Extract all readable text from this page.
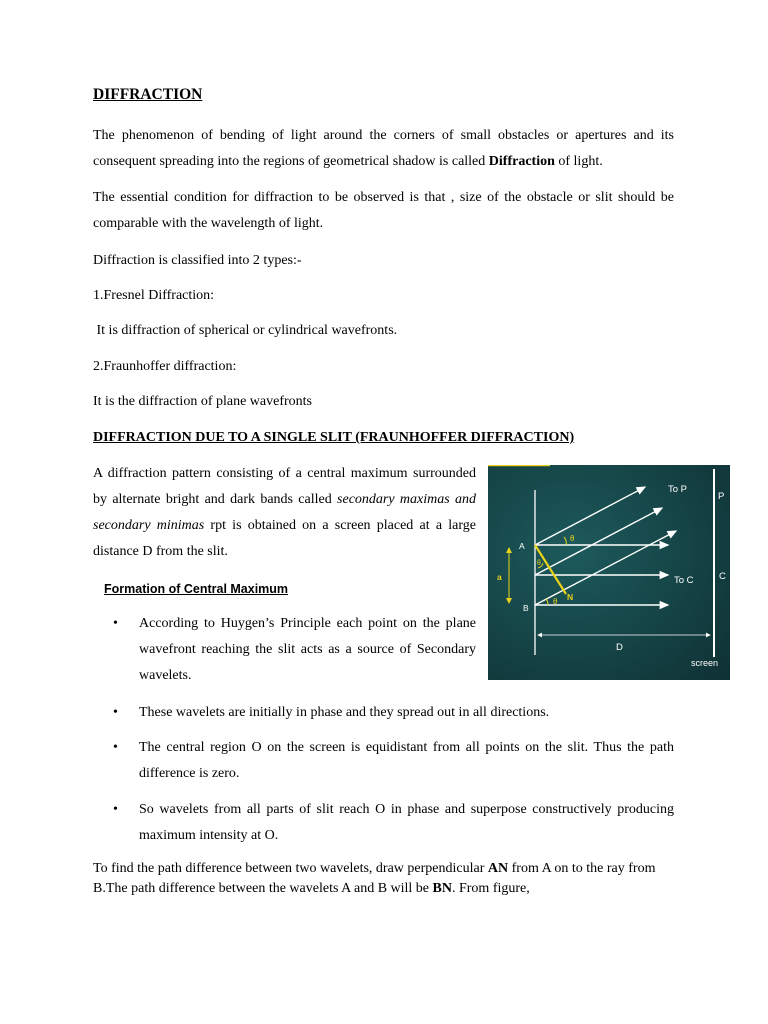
DIFFRACTION
The phenomenon of bending of light around the corners of small obstacles or apertures and its consequent spreading into the regions of geometrical shadow is called Diffraction of light.
The essential condition for diffraction to be observed is that , size of the obstacle or slit should be comparable with the wavelength of light.
Diffraction is classified into 2 types:-
1.Fresnel Diffraction:
It is diffraction of spherical or cylindrical wavefronts.
2.Fraunhoffer diffraction:
It is the diffraction of plane wavefronts
DIFFRACTION DUE TO A SINGLE SLIT (FRAUNHOFFER DIFFRACTION)
A diffraction pattern consisting of a central maximum surrounded by alternate bright and dark bands called secondary maximas and secondary minimas rpt is obtained on a screen placed at a large distance D from the slit.
Formation of Central Maximum
• According to Huygen’s Principle each point on the plane wavefront reaching the slit acts as a source of Secondary wavelets.
• These wavelets are initially in phase and they spread out in all directions.
• The central region O on the screen is equidistant from all points on the slit. Thus the path difference is zero.
• So wavelets from all parts of slit reach O in phase and superpose constructively producing maximum intensity at O.
To find the path difference between two wavelets, draw perpendicular AN from A on to the ray from B.The path difference between the wavelets A and B will be BN. From figure,
To P
P
To C	C
A
B
D
screen
N
a
θ
θ
θ
